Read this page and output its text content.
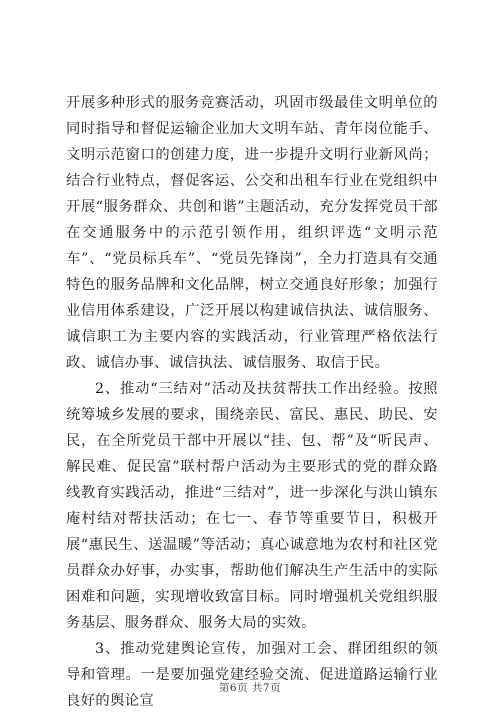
开展多种形式的服务竞赛活动，巩固市级最佳文明单位的同时指导和督促运输企业加大文明车站、青年岗位能手、文明示范窗口的创建力度，进一步提升文明行业新风尚；结合行业特点，督促客运、公交和出租车行业在党组织中开展“服务群众、共创和谐”主题活动，充分发挥党员干部在交通服务中的示范引领作用，组织评选“文明示范车”、“党员标兵车”、“党员先锋岗”，全力打造具有交通特色的服务品牌和文化品牌，树立交通良好形象；加强行业信用体系建设，广泛开展以构建诚信执法、诚信服务、诚信职工为主要内容的实践活动，行业管理严格依法行政、诚信办事、诚信执法、诚信服务、取信于民。

2、推动“三结对”活动及扶贫帮扶工作出经验。按照统筹城乡发展的要求，围绕亲民、富民、惠民、助民、安民，在全所党员干部中开展以“挂、包、帮”及“听民声、解民难、促民富”联村帮户活动为主要形式的党的群众路线教育实践活动，推进“三结对”，进一步深化与洪山镇东庵村结对帮扶活动；在七一、春节等重要节日，积极开展“惠民生、送温暖”等活动；真心诚意地为农村和社区党员群众办好事，办实事，帮助他们解决生产生活中的实际困难和问题，实现增收致富目标。同时增强机关党组织服务基层、服务群众、服务大局的实效。

3、推动党建舆论宣传，加强对工会、群团组织的领导和管理。一是要加强党建经验交流、促进道路运输行业良好的舆论宣

第6页 共7页
